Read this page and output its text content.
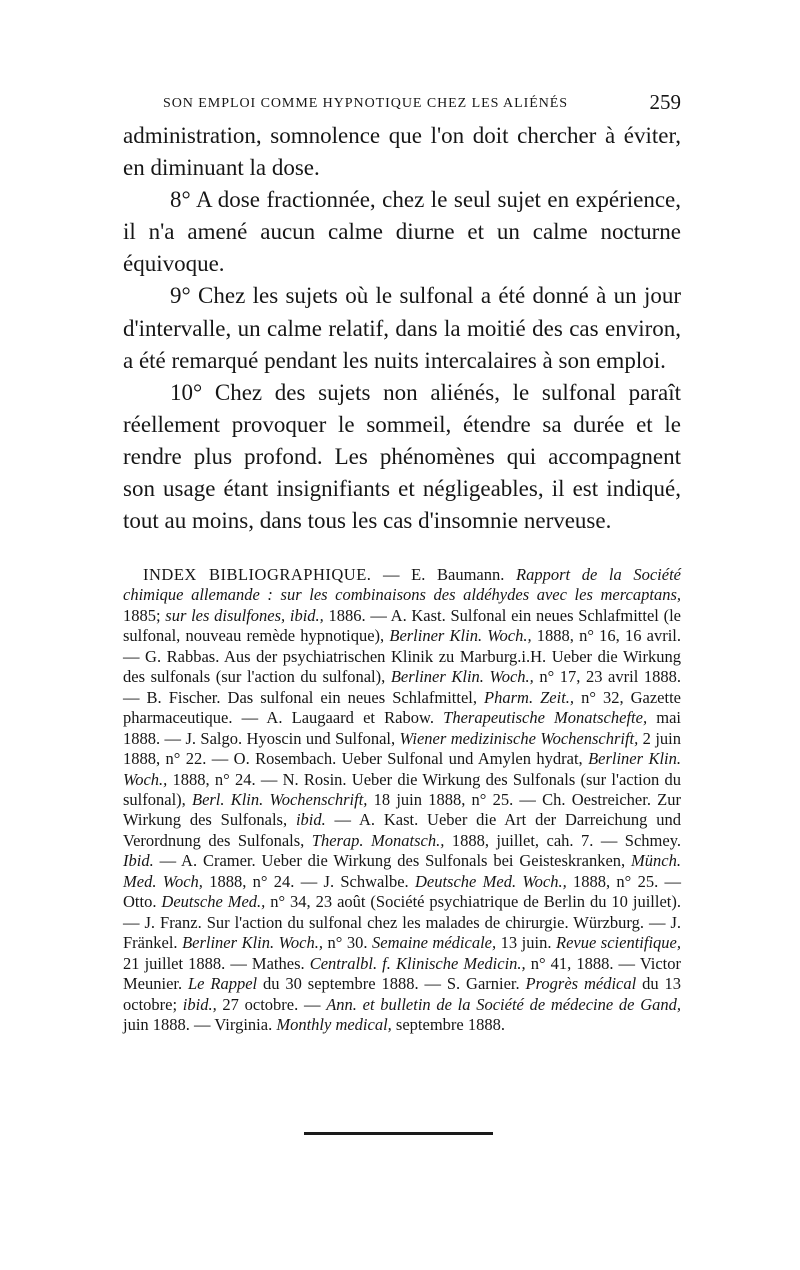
SON EMPLOI COMME HYPNOTIQUE CHEZ LES ALIÉNÉS	259

administration, somnolence que l'on doit chercher à éviter, en diminuant la dose.

8° A dose fractionnée, chez le seul sujet en expérience, il n'a amené aucun calme diurne et un calme nocturne équivoque.

9° Chez les sujets où le sulfonal a été donné à un jour d'intervalle, un calme relatif, dans la moitié des cas environ, a été remarqué pendant les nuits intercalaires à son emploi.

10° Chez des sujets non aliénés, le sulfonal paraît réellement provoquer le sommeil, étendre sa durée et le rendre plus profond. Les phénomènes qui accompagnent son usage étant insignifiants et négligeables, il est indiqué, tout au moins, dans tous les cas d'insomnie nerveuse.

INDEX BIBLIOGRAPHIQUE. — E. Baumann. Rapport de la Société chimique allemande : sur les combinaisons des aldéhydes avec les mercaptans, 1885; sur les disulfones, ibid., 1886. — A. Kast. Sulfonal ein neues Schlafmittel (le sulfonal, nouveau remède hypnotique), Berliner Klin. Woch., 1888, n° 16, 16 avril. — G. Rabbas. Aus der psychiatrischen Klinik zu Marburg.i.H. Ueber die Wirkung des sulfonals (sur l'action du sulfonal), Berliner Klin. Woch., n° 17, 23 avril 1888. — B. Fischer. Das sulfonal ein neues Schlafmittel, Pharm. Zeit., n° 32, Gazette pharmaceutique. — A. Laugaard et Rabow. Therapeutische Monatschefte, mai 1888. — J. Salgo. Hyoscin und Sulfonal, Wiener medizinische Wochenschrift, 2 juin 1888, n° 22. — O. Rosembach. Ueber Sulfonal und Amylen hydrat, Berliner Klin. Woch., 1888, n° 24. — N. Rosin. Ueber die Wirkung des Sulfonals (sur l'action du sulfonal), Berl. Klin. Wochenschrift, 18 juin 1888, n° 25. — Ch. Oestreicher. Zur Wirkung des Sulfonals, ibid. — A. Kast. Ueber die Art der Darreichung und Verordnung des Sulfonals, Therap. Monatsch., 1888, juillet, cah. 7. — Schmey. Ibid. — A. Cramer. Ueber die Wirkung des Sulfonals bei Geisteskranken, Münch. Med. Woch, 1888, n° 24. — J. Schwalbe. Deutsche Med. Woch., 1888, n° 25. — Otto. Deutsche Med., n° 34, 23 août (Société psychiatrique de Berlin du 10 juillet). — J. Franz. Sur l'action du sulfonal chez les malades de chirurgie. Würzburg. — J. Fränkel. Berliner Klin. Woch., n° 30. Semaine médicale, 13 juin. Revue scientifique, 21 juillet 1888. — Mathes. Centralbl. f. Klinische Medicin., n° 41, 1888. — Victor Meunier. Le Rappel du 30 septembre 1888. — S. Garnier. Progrès médical du 13 octobre; ibid., 27 octobre. — Ann. et bulletin de la Société de médecine de Gand, juin 1888. — Virginia. Monthly medical, septembre 1888.
